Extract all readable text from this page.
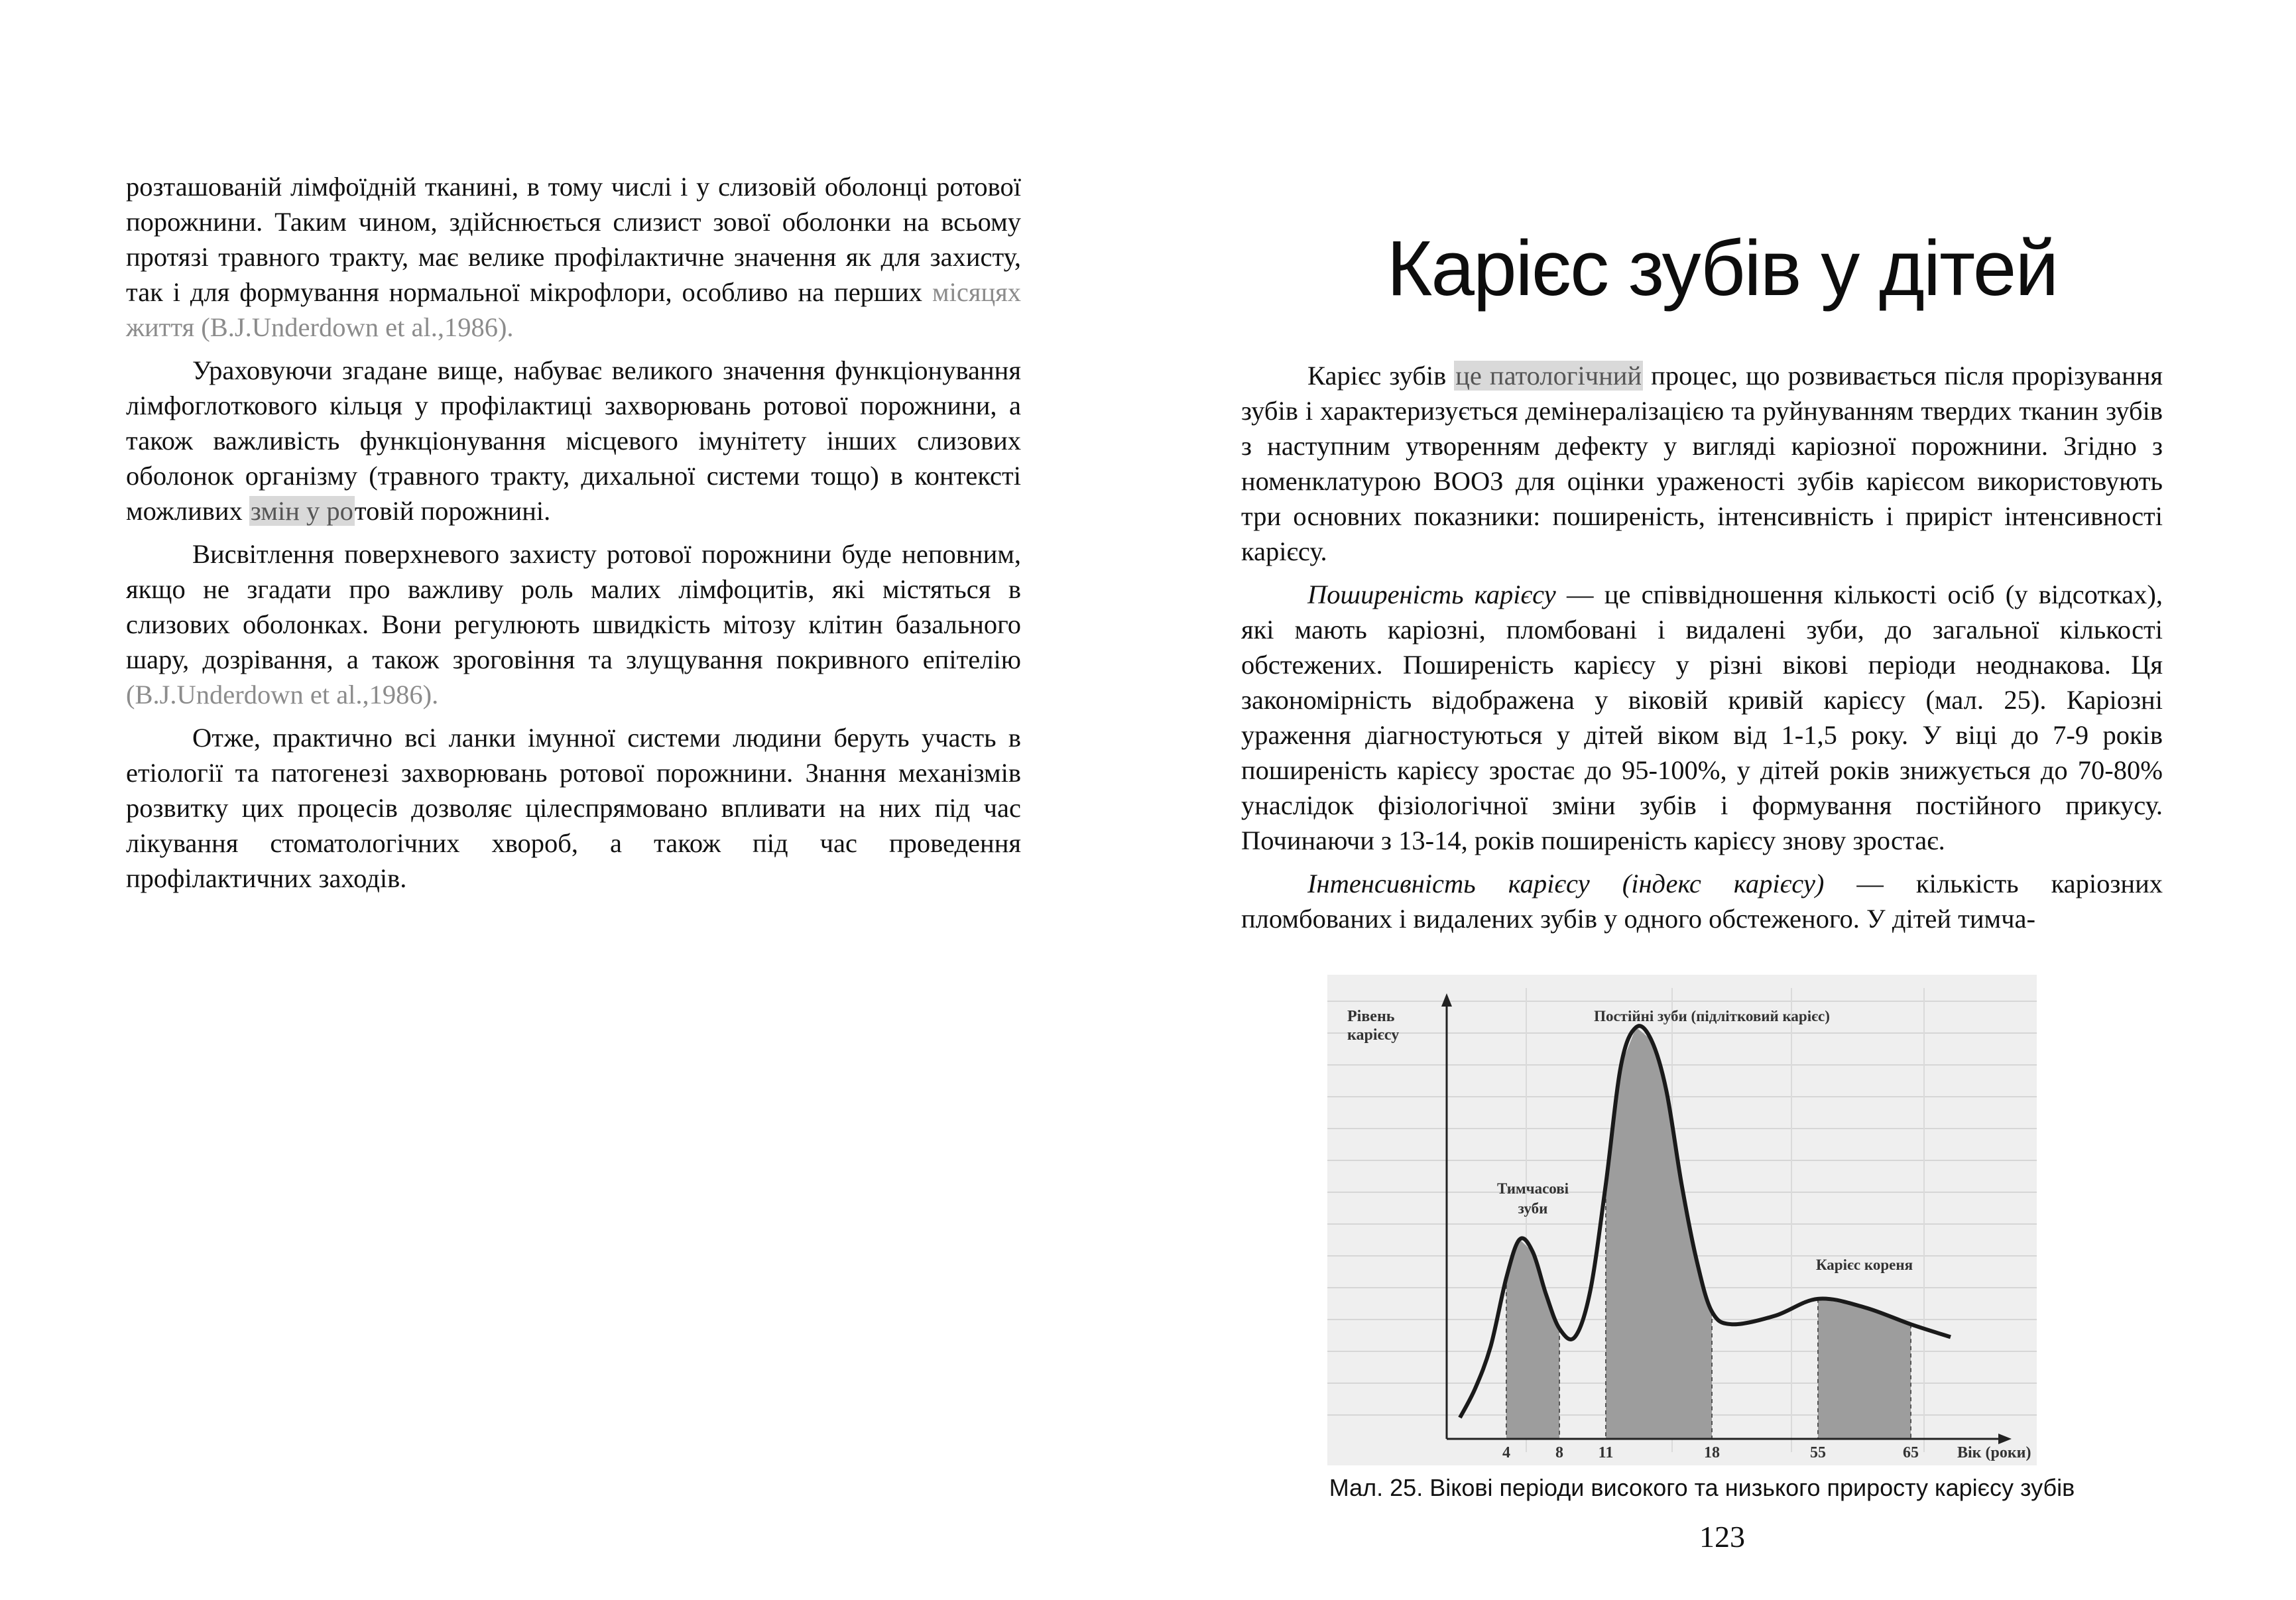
розташованій лімфоїдній тканині, в тому числі і у слизовій оболонці ротової порожнини. Таким чином, здійснюється слизист зової оболонки на всьому протязі травного тракту, має велике профілактичне значення як для захисту, так і для формування нормальної мікрофлори, особливо на перших місяцях життя (B.J.Underdown et al.,1986).

Ураховуючи згадане вище, набуває великого значення функціонування лімфоглоткового кільця у профілактиці захворювань ротової порожнини, а також важливість функціонування місцевого імунітету інших слизових оболонок організму (травного тракту, дихальної системи тощо) в контексті можливих змін у ротовій порожнині.

Висвітлення поверхневого захисту ротової порожнини буде неповним, якщо не згадати про важливу роль малих лімфоцитів, які містяться в слизових оболонках. Вони регулюють швидкість мітозу клітин базального шару, дозрівання, а також зроговіння та злущування покривного епітелію (B.J.Underdown et al.,1986).

Отже, практично всі ланки імунної системи людини беруть участь в етіології та патогенезі захворювань ротової порожнини. Знання механізмів розвитку цих процесів дозволяє цілеспрямовано впливати на них під час лікування стоматологічних хвороб, а також під час проведення профілактичних заходів.

Карієс зубів у дітей

Карієс зубів це патологічний процес, що розвивається після прорізування зубів і характеризується демінералізацією та руйнуванням твердих тканин зубів з наступним утворенням дефекту у вигляді каріозної порожнини. Згідно з номенклатурою ВООЗ для оцінки ураженості зубів карієсом використовують три основних показники: поширеність, інтенсивність і приріст інтенсивності карієсу.

Поширеність карієсу — це співвідношення кількості осіб (у відсотках), які мають каріозні, пломбовані і видалені зуби, до загальної кількості обстежених. Поширеність карієсу у різні вікові періоди неоднакова. Ця закономірність відображена у віковій кривій карієсу (мал. 25). Каріозні ураження діагностуються у дітей віком від 1-1,5 року. У віці до 7-9 років поширеність карієсу зростає до 95-100%, у дітей років знижується до 70-80% унаслідок фізіологічної зміни зубів і формування постійного прикусу. Починаючи з 13-14, років поширеність карієсу знову зростає.

Інтенсивність карієсу (індекс карієсу) — кількість каріозних пломбованих і видалених зубів у одного обстеженого. У дітей тимча-

4	8 11	18	55	65
Тимчасові
зуби
Постійні зуби (підлітковий карієс)
Карієс кореня
Рівень карієсу
Вік (роки)
Мал. 25. Вікові періоди високого та низького приросту карієсу зубів
123
